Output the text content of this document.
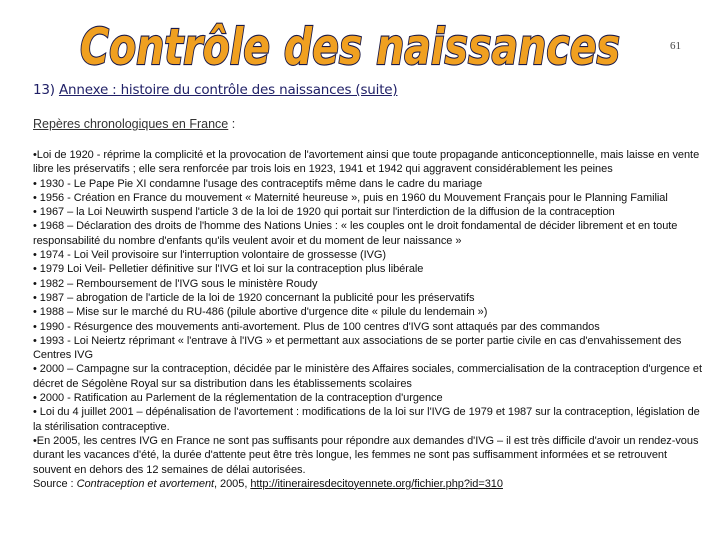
Contrôle des naissances	61
13) Annexe : histoire du contrôle des naissances (suite)
Repères chronologiques en France :

•Loi de 1920 - réprime la complicité et la provocation de l'avortement ainsi que toute propagande anticonceptionnelle, mais laisse en vente libre les préservatifs ; elle sera renforcée par trois lois en 1923, 1941 et 1942 qui aggravent considérablement les peines

• 1930 - Le Pape Pie XI condamne l'usage des contraceptifs même dans le cadre du mariage

• 1956 - Création en France du mouvement « Maternité heureuse », puis en 1960 du Mouvement Français pour le Planning Familial

• 1967 – la Loi Neuwirth suspend l'article 3 de la loi de 1920 qui portait sur l'interdiction de la diffusion de la contraception

• 1968 – Déclaration des droits de l'homme des Nations Unies : « les couples ont le droit fondamental de décider librement et en toute responsabilité du nombre d'enfants qu'ils veulent avoir et du moment de leur naissance »

• 1974 - Loi Veil provisoire sur l'interruption volontaire de grossesse (IVG)

• 1979 Loi Veil- Pelletier définitive sur l'IVG et loi sur la contraception plus libérale

• 1982 – Remboursement de l'IVG sous le ministère Roudy

• 1987 – abrogation de l'article de la loi de 1920 concernant la publicité pour les préservatifs

• 1988 – Mise sur le marché du RU-486 (pilule abortive d'urgence dite « pilule du lendemain »)

• 1990 - Résurgence des mouvements anti-avortement. Plus de 100 centres d'IVG sont attaqués par des commandos

• 1993 - Loi Neiertz réprimant « l'entrave à l'IVG » et permettant aux associations de se porter partie civile en cas d'envahissement des Centres IVG

• 2000 – Campagne sur la contraception, décidée par le ministère des Affaires sociales, commercialisation de la contraception d'urgence et décret de Ségolène Royal sur sa distribution dans les établissements scolaires

• 2000 - Ratification au Parlement de la réglementation de la contraception d'urgence

• Loi du 4 juillet 2001 – dépénalisation de l'avortement : modifications de la loi sur l'IVG de 1979 et 1987 sur la contraception, législation de la stérilisation contraceptive.

•En 2005, les centres IVG en France ne sont pas suffisants pour répondre aux demandes d'IVG – il est très difficile d'avoir un rendez-vous durant les vacances d'été, la durée d'attente peut être très longue, les femmes ne sont pas suffisamment informées et se retrouvent souvent en dehors des 12 semaines de délai autorisées.

Source : Contraception et avortement, 2005, http://itinerairesdecitoyennete.org/fichier.php?id=310
